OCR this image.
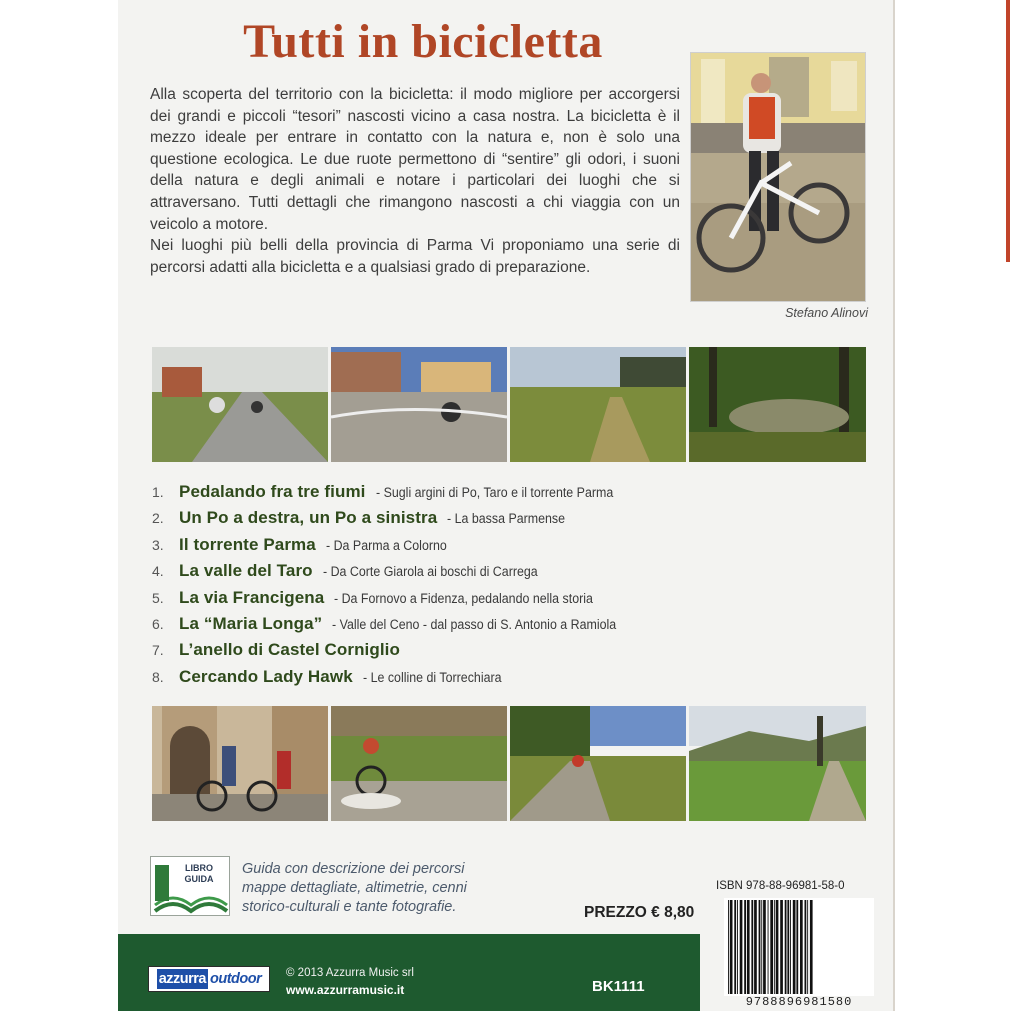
Tutti in bicicletta

Alla scoperta del territorio con la bicicletta: il modo migliore per accorgersi dei grandi e piccoli “tesori” nascosti vicino a casa nostra. La bicicletta è il mezzo ideale per entrare in contatto con la natura e, non è solo una questione ecologica. Le due ruote permettono di “sentire” gli odori, i suoni della natura e degli animali e notare i particolari dei luoghi che si attraversano. Tutti dettagli che rimangono nascosti a chi viaggia con un veicolo a motore.

Nei luoghi più belli della provincia di Parma Vi proponiamo una serie di percorsi adatti alla bicicletta e a qualsiasi grado di preparazione.

Stefano Alinovi
1. Pedalando fra tre fiumi - Sugli argini di Po, Taro e il torrente Parma
2. Un Po a destra, un Po a sinistra - La bassa Parmense
3. Il torrente Parma - Da Parma a Colorno
4. La valle del Taro - Da Corte Giarola ai boschi di Carrega
5. La via Francigena - Da Fornovo a Fidenza, pedalando nella storia
6. La “Maria Longa” - Valle del Ceno - dal passo di S. Antonio a Ramiola
7. L’anello di Castel Corniglio
8. Cercando Lady Hawk - Le colline di Torrechiara
LIBRO
GUIDA
Guida con descrizione dei percorsi mappe dettagliate, altimetrie, cenni storico-culturali e tante fotografie.
ISBN 978-88-96981-58-0
PREZZO € 8,80
9788896981580
azzurra outdoor © 2013 Azzurra Music srl
www.azzurramusic.it	BK1111
